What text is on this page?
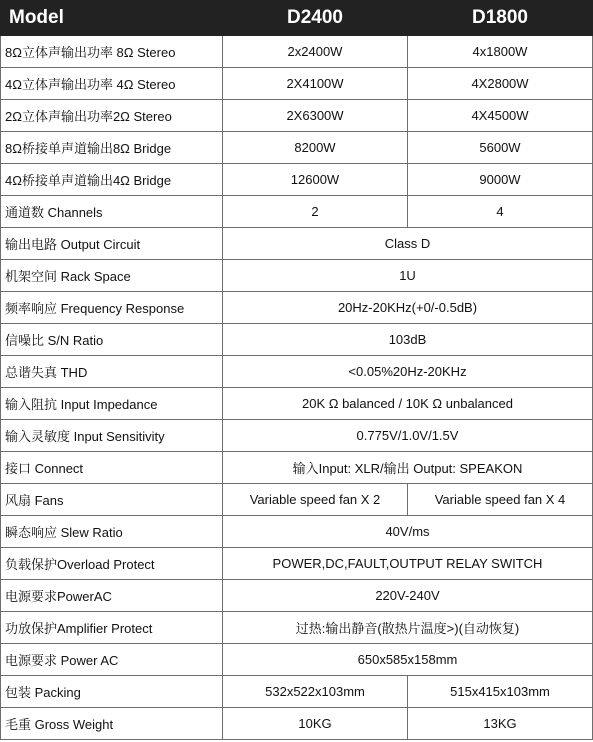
Model	D2400	D1800
8Ω立体声输出功率 8Ω Stereo	2x2400W	4x1800W
4Ω立体声输出功率 4Ω Stereo	2X4100W	4X2800W
2Ω立体声输出功率2Ω Stereo	2X6300W	4X4500W
8Ω桥接单声道输出8Ω Bridge	8200W	5600W
4Ω桥接单声道输出4Ω Bridge	12600W	9000W
通道数 Channels	2	4
输出电路 Output Circuit	Class D	
机架空间 Rack Space	1U	
频率响应 Frequency Response	20Hz-20KHz(+0/-0.5dB)	
信噪比 S/N Ratio	103dB	
总谐失真 THD	<0.05%20Hz-20KHz	
输入阻抗 Input Impedance	20K Ω balanced / 10K Ω unbalanced	
输入灵敏度 Input Sensitivity	0.775V/1.0V/1.5V	
接口 Connect	输入Input: XLR/输出 Output: SPEAKON	
风扇 Fans	Variable speed fan X 2	Variable speed fan X 4
瞬态响应 Slew Ratio	40V/ms	
负载保护Overload Protect	POWER,DC,FAULT,OUTPUT RELAY SWITCH	
电源要求PowerAC	220V-240V	
功放保护Amplifier Protect	过热:输出静音(散热片温度>)(自动恢复)	
电源要求 Power AC	650x585x158mm	
包装 Packing	532x522x103mm	515x415x103mm
毛重 Gross Weight	10KG	13KG
